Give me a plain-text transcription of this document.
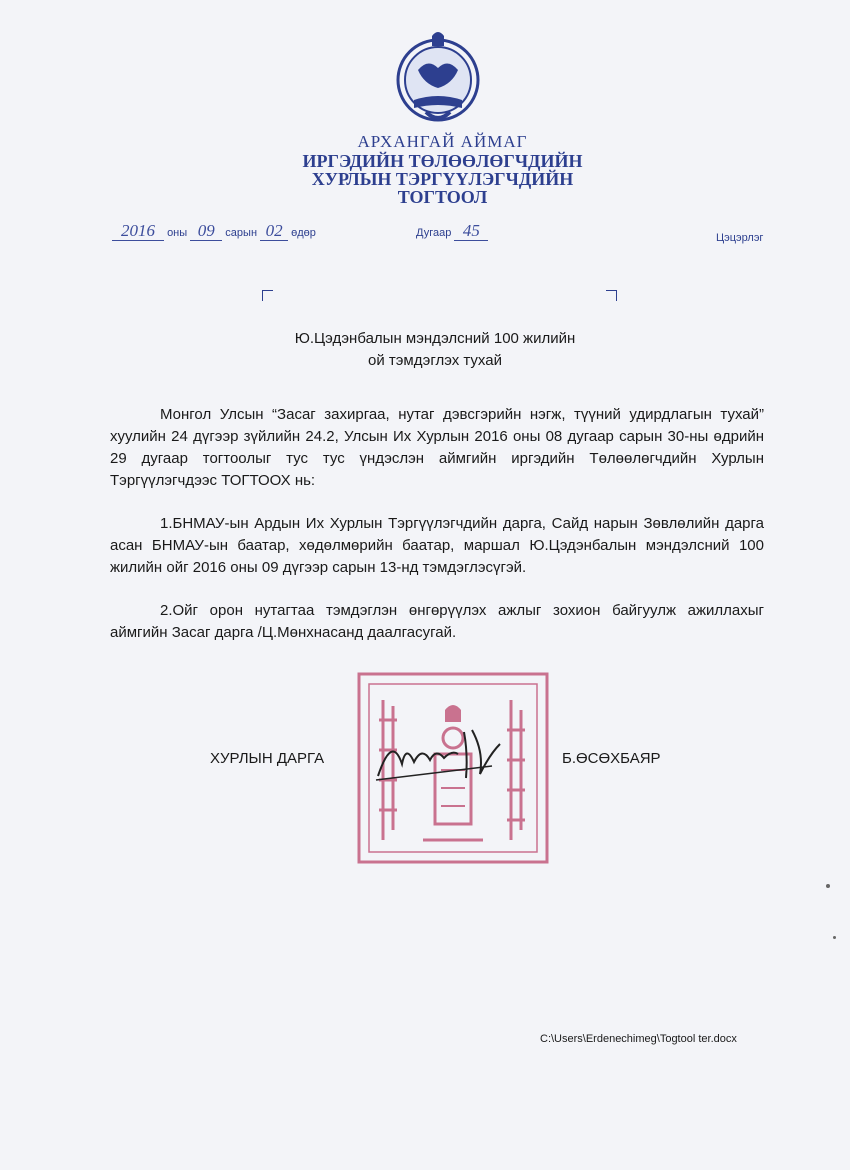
АРХАНГАЙ АЙМАГ
ИРГЭДИЙН ТӨЛӨӨЛӨГЧДИЙН
ХУРЛЫН ТЭРГҮҮЛЭГЧДИЙН
ТОГТООЛ
2016 оны 09 сарын 02 өдөр	Дугаар 45	Цэцэрлэг
Ю.Цэдэнбалын мэндэлсний 100 жилийн
ой тэмдэглэх тухай

Монгол Улсын “Засаг захиргаа, нутаг дэвсгэрийн нэгж, түүний удирдлагын тухай” хуулийн 24 дүгээр зүйлийн 24.2, Улсын Их Хурлын 2016 оны 08 дугаар сарын 30-ны өдрийн 29 дугаар тогтоолыг тус тус үндэслэн аймгийн иргэдийн Төлөөлөгчдийн Хурлын Тэргүүлэгчдээс ТОГТООХ нь:

1.БНМАУ-ын Ардын Их Хурлын Тэргүүлэгчдийн дарга, Сайд нарын Зөвлөлийн дарга асан БНМАУ-ын баатар, хөдөлмөрийн баатар, маршал Ю.Цэдэнбалын мэндэлсний 100 жилийн ойг 2016 оны 09 дүгээр сарын 13-нд тэмдэглэсүгэй.

2.Ойг орон нутагтаа тэмдэглэн өнгөрүүлэх ажлыг зохион байгуулж ажиллахыг аймгийн Засаг дарга /Ц.Мөнхнасанд даалгасугай.

ХУРЛЫН ДАРГА	Б.ӨСӨХБАЯР
C:\Users\Erdenechimeg\Togtool ter.docx
